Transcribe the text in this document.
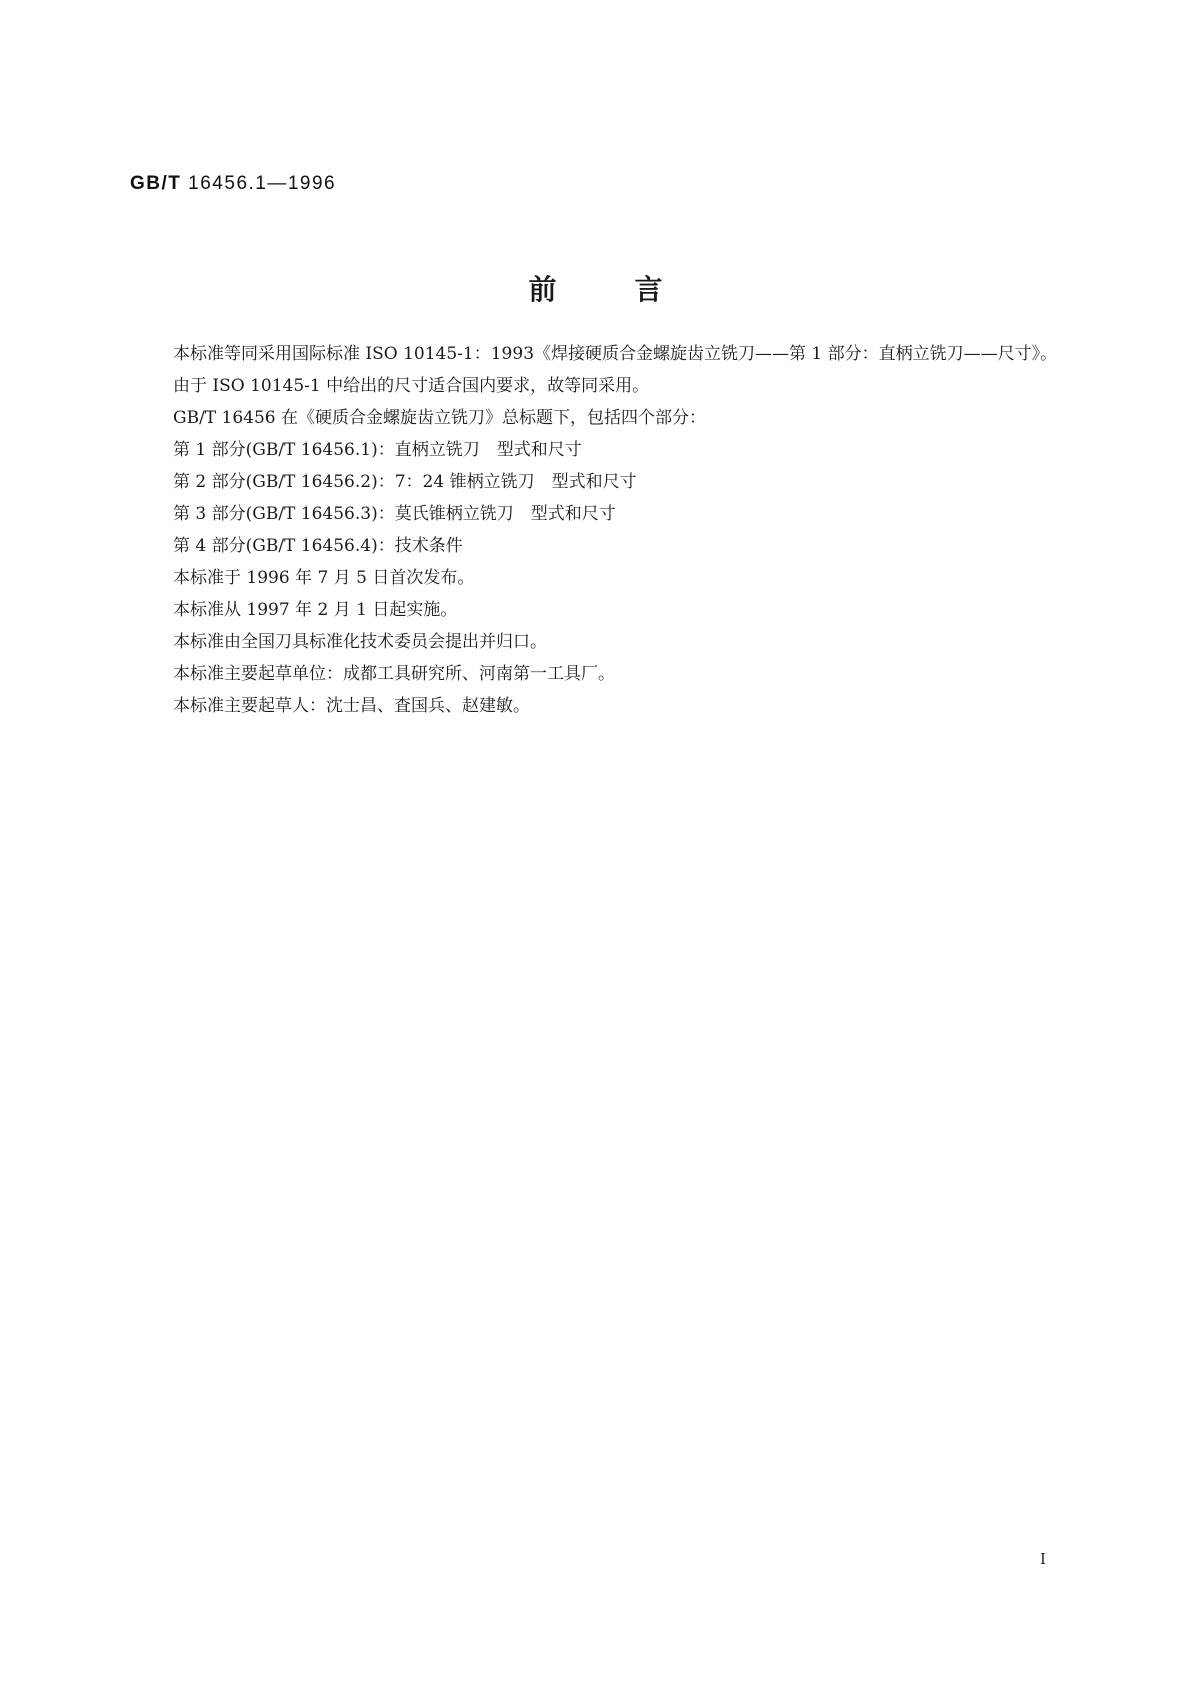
GB/T 16456.1—1996
前言

本标准等同采用国际标准 ISO 10145-1：1993《焊接硬质合金螺旋齿立铣刀——第 1 部分：直柄立铣刀——尺寸》。

由于 ISO 10145-1 中给出的尺寸适合国内要求，故等同采用。

GB/T 16456 在《硬质合金螺旋齿立铣刀》总标题下，包括四个部分：

第 1 部分(GB/T 16456.1)：直柄立铣刀　型式和尺寸

第 2 部分(GB/T 16456.2)：7：24 锥柄立铣刀　型式和尺寸

第 3 部分(GB/T 16456.3)：莫氏锥柄立铣刀　型式和尺寸

第 4 部分(GB/T 16456.4)：技术条件

本标准于 1996 年 7 月 5 日首次发布。

本标准从 1997 年 2 月 1 日起实施。

本标准由全国刀具标准化技术委员会提出并归口。

本标准主要起草单位：成都工具研究所、河南第一工具厂。

本标准主要起草人：沈士昌、査国兵、赵建敏。

I
